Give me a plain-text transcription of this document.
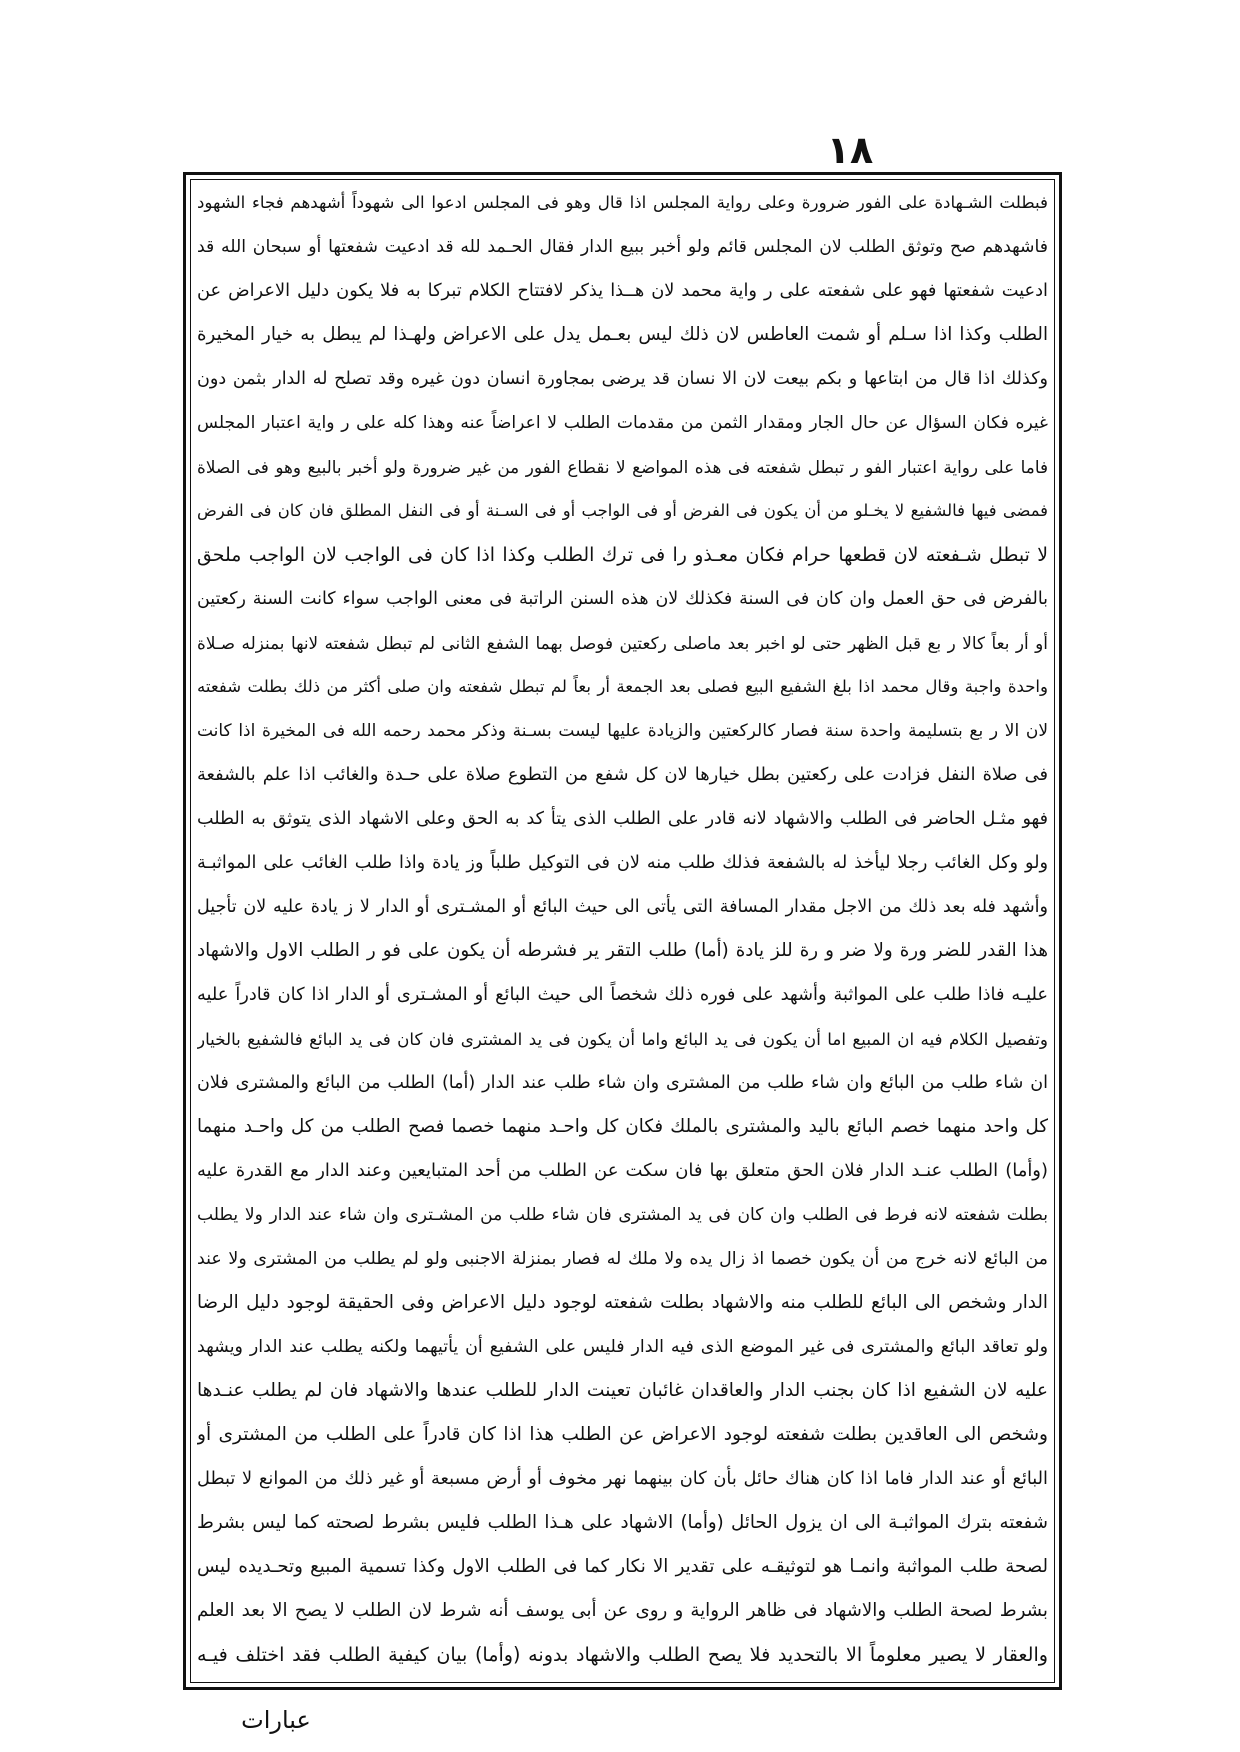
١٨
فبطلت الشـهادة على الفور ضرورة وعلى رواية المجلس اذا قال وهو فى المجلس ادعوا الى شهوداً أشهدهم فجاء الشهود
فاشهدهم صح وتوثق الطلب لان المجلس قائم ولو أخبر ببيع الدار فقال الحـمد لله قد ادعيت شفعتها أو سبحان الله قد
ادعيت شفعتها فهو على شفعته على ر واية محمد لان هــذا يذكر لافتتاح الكلام تبركا به فلا يكون دليل الاعراض عن
الطلب وكذا اذا سـلم أو شمت العاطس لان ذلك ليس بعـمل يدل على الاعراض ولهـذا لم يبطل به خيار المخيرة
وكذلك اذا قال من ابتاعها و بكم بيعت لان الا نسان قد يرضى بمجاورة انسان دون غيره وقد تصلح له الدار بثمن دون
غيره فكان السؤال عن حال الجار ومقدار الثمن من مقدمات الطلب لا اعراضاً عنه وهذا كله على ر واية اعتبار المجلس
فاما على رواية اعتبار الفو ر تبطل شفعته فى هذه المواضع لا نقطاع الفور من غير ضرورة ولو أخبر بالبيع وهو فى الصلاة
فمضى فيها فالشفيع لا يخـلو من أن يكون فى الفرض أو فى الواجب أو فى السـنة أو فى النفل المطلق فان كان فى الفرض
لا تبطل شـفعته لان قطعها حرام فكان معـذو را فى ترك الطلب وكذا اذا كان فى الواجب لان الواجب ملحق
بالفرض فى حق العمل وان كان فى السنة فكذلك لان هذه السنن الراتبة فى معنى الواجب سواء كانت السنة ركعتين
أو أر بعاً كالا ر بع قبل الظهر حتى لو اخبر بعد ماصلى ركعتين فوصل بهما الشفع الثانى لم تبطل شفعته لانها بمنزله صـلاة
واحدة واجبة وقال محمد اذا بلغ الشفيع البيع فصلى بعد الجمعة أر بعاً لم تبطل شفعته وان صلى أكثر من ذلك بطلت شفعته
لان الا ر بع بتسليمة واحدة سنة فصار كالركعتين والزيادة عليها ليست بسـنة وذكر محمد رحمه الله فى المخيرة اذا كانت
فى صلاة النفل فزادت على ركعتين بطل خيارها لان كل شفع من التطوع صلاة على حـدة والغائب اذا علم بالشفعة
فهو مثـل الحاضر فى الطلب والاشهاد لانه قادر على الطلب الذى يتأ كد به الحق وعلى الاشهاد الذى يتوثق به الطلب
ولو وكل الغائب رجلا ليأخذ له بالشفعة فذلك طلب منه لان فى التوكيل طلباً وز يادة واذا طلب الغائب على المواثبـة
وأشهد فله بعد ذلك من الاجل مقدار المسافة التى يأتى الى حيث البائع أو المشـترى أو الدار لا ز يادة عليه لان تأجيل
هذا القدر للضر ورة ولا ضر و رة للز يادة (أما) طلب التقر ير فشرطه أن يكون على فو ر الطلب الاول والاشهاد
عليـه فاذا طلب على المواثبة وأشهد على فوره ذلك شخصاً الى حيث البائع أو المشـترى أو الدار اذا كان قادراً عليه
وتفصيل الكلام فيه ان المبيع اما أن يكون فى يد البائع واما أن يكون فى يد المشترى فان كان فى يد البائع فالشفيع بالخيار
ان شاء طلب من البائع وان شاء طلب من المشترى وان شاء طلب عند الدار (أما) الطلب من البائع والمشترى فلان
كل واحد منهما خصم البائع باليد والمشترى بالملك فكان كل واحـد منهما خصما فصح الطلب من كل واحـد منهما
(وأما) الطلب عنـد الدار فلان الحق متعلق بها فان سكت عن الطلب من أحد المتبايعين وعند الدار مع القدرة عليه
بطلت شفعته لانه فرط فى الطلب وان كان فى يد المشترى فان شاء طلب من المشـترى وان شاء عند الدار ولا يطلب
من البائع لانه خرج من أن يكون خصما اذ زال يده ولا ملك له فصار بمنزلة الاجنبى ولو لم يطلب من المشترى ولا عند
الدار وشخص الى البائع للطلب منه والاشهاد بطلت شفعته لوجود دليل الاعراض وفى الحقيقة لوجود دليل الرضا
ولو تعاقد البائع والمشترى فى غير الموضع الذى فيه الدار فليس على الشفيع أن يأتيهما ولكنه يطلب عند الدار ويشهد
عليه لان الشفيع اذا كان بجنب الدار والعاقدان غائبان تعينت الدار للطلب عندها والاشهاد فان لم يطلب عنـدها
وشخص الى العاقدين بطلت شفعته لوجود الاعراض عن الطلب هذا اذا كان قادراً على الطلب من المشترى أو
البائع أو عند الدار فاما اذا كان هناك حائل بأن كان بينهما نهر مخوف أو أرض مسبعة أو غير ذلك من الموانع لا تبطل
شفعته بترك المواثبـة الى ان يزول الحائل (وأما) الاشهاد على هـذا الطلب فليس بشرط لصحته كما ليس بشرط
لصحة طلب المواثبة وانمـا هو لتوثيقـه على تقدير الا نكار كما فى الطلب الاول وكذا تسمية المبيع وتحـديده ليس
بشرط لصحة الطلب والاشهاد فى ظاهر الرواية و روى عن أبى يوسف أنه شرط لان الطلب لا يصح الا بعد العلم
والعقار لا يصير معلوماً الا بالتحديد فلا يصح الطلب والاشهاد بدونه (وأما) بيان كيفية الطلب فقد اختلف فيـه
عبارات
